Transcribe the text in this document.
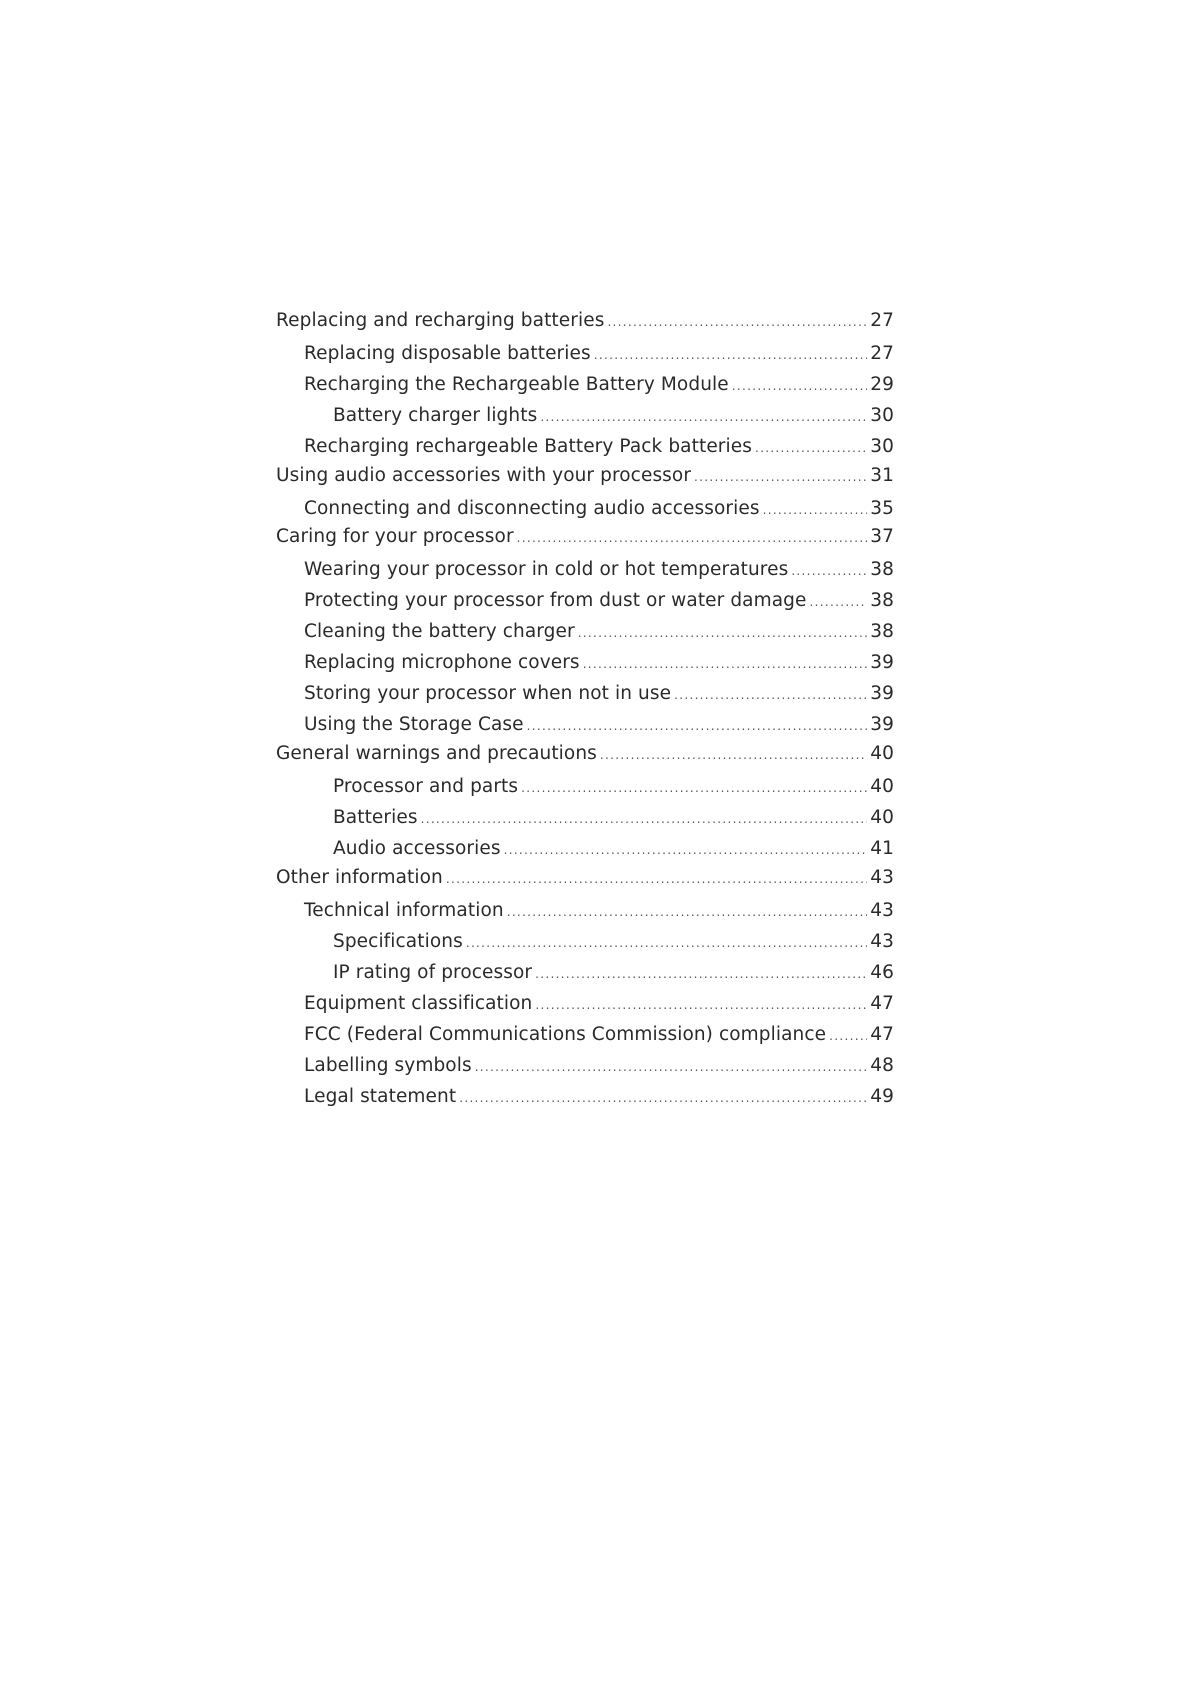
Replacing and recharging batteries .....	27
Replacing disposable batteries .....	27
Recharging the Rechargeable Battery Module .....	29
Battery charger lights .....	30
Recharging rechargeable Battery Pack batteries .....	30
Using audio accessories with your processor .....	31
Connecting and disconnecting audio accessories .....	35
Caring for your processor .....	37
Wearing your processor in cold or hot temperatures .....	38
Protecting your processor from dust or water damage .....	38
Cleaning the battery charger .....	38
Replacing microphone covers .....	39
Storing your processor when not in use .....	39
Using the Storage Case .....	39
General warnings and precautions .....	40
Processor and parts .....	40
Batteries .....	40
Audio accessories .....	41
Other information .....	43
Technical information .....	43
Specifications .....	43
IP rating of processor .....	46
Equipment classification .....	47
FCC (Federal Communications Commission) compliance ..... 47
Labelling symbols .....	48
Legal statement .....	49
